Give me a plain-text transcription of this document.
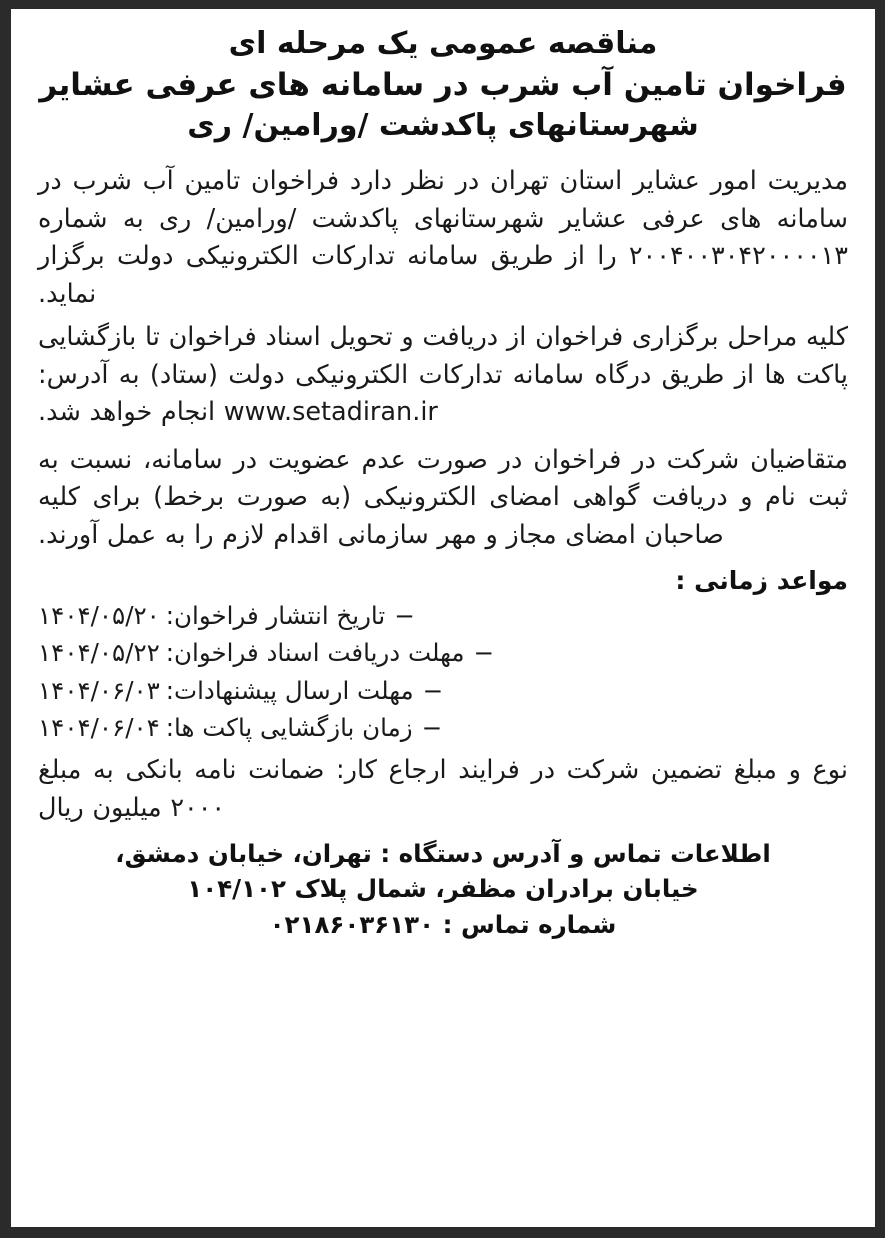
مناقصه عمومی یک مرحله ای
فراخوان تامین آب شرب در سامانه های عرفی عشایر
شهرستانهای پاکدشت /ورامین/ ری

مدیریت امور عشایر استان تهران در نظر دارد فراخوان تامین آب شرب در سامانه های عرفی عشایر شهرستانهای پاکدشت /ورامین/ ری به شماره ۲۰۰۴۰۰۳۰۴۲۰۰۰۰۱۳ را از طریق سامانه تدارکات الکترونیکی دولت برگزار نماید.

کلیه مراحل برگزاری فراخوان از دریافت و تحویل اسناد فراخوان تا بازگشایی پاکت ها از طریق درگاه سامانه تدارکات الکترونیکی دولت (ستاد) به آدرس: www.setadiran.ir انجام خواهد شد.

متقاضیان شرکت در فراخوان در صورت عدم عضویت در سامانه، نسبت به ثبت نام و دریافت گواهی امضای الکترونیکی (به صورت برخط) برای کلیه صاحبان امضای مجاز و مهر سازمانی اقدام لازم را به عمل آورند.

مواعد زمانی :
−تاریخ انتشار فراخوان:۱۴۰۴/۰۵/۲۰
−مهلت دریافت اسناد فراخوان:۱۴۰۴/۰۵/۲۲
−مهلت ارسال پیشنهادات:۱۴۰۴/۰۶/۰۳
−زمان بازگشایی پاکت ها:۱۴۰۴/۰۶/۰۴

نوع و مبلغ تضمین شرکت در فرایند ارجاع کار: ضمانت نامه بانکی به مبلغ ۲۰۰۰ میلیون ریال

اطلاعات تماس و آدرس دستگاه : تهران، خیابان دمشق،
خیابان برادران مظفر، شمال پلاک ۱۰۴/۱۰۲
شماره تماس : ۰۲۱۸۶۰۳۶۱۳۰
